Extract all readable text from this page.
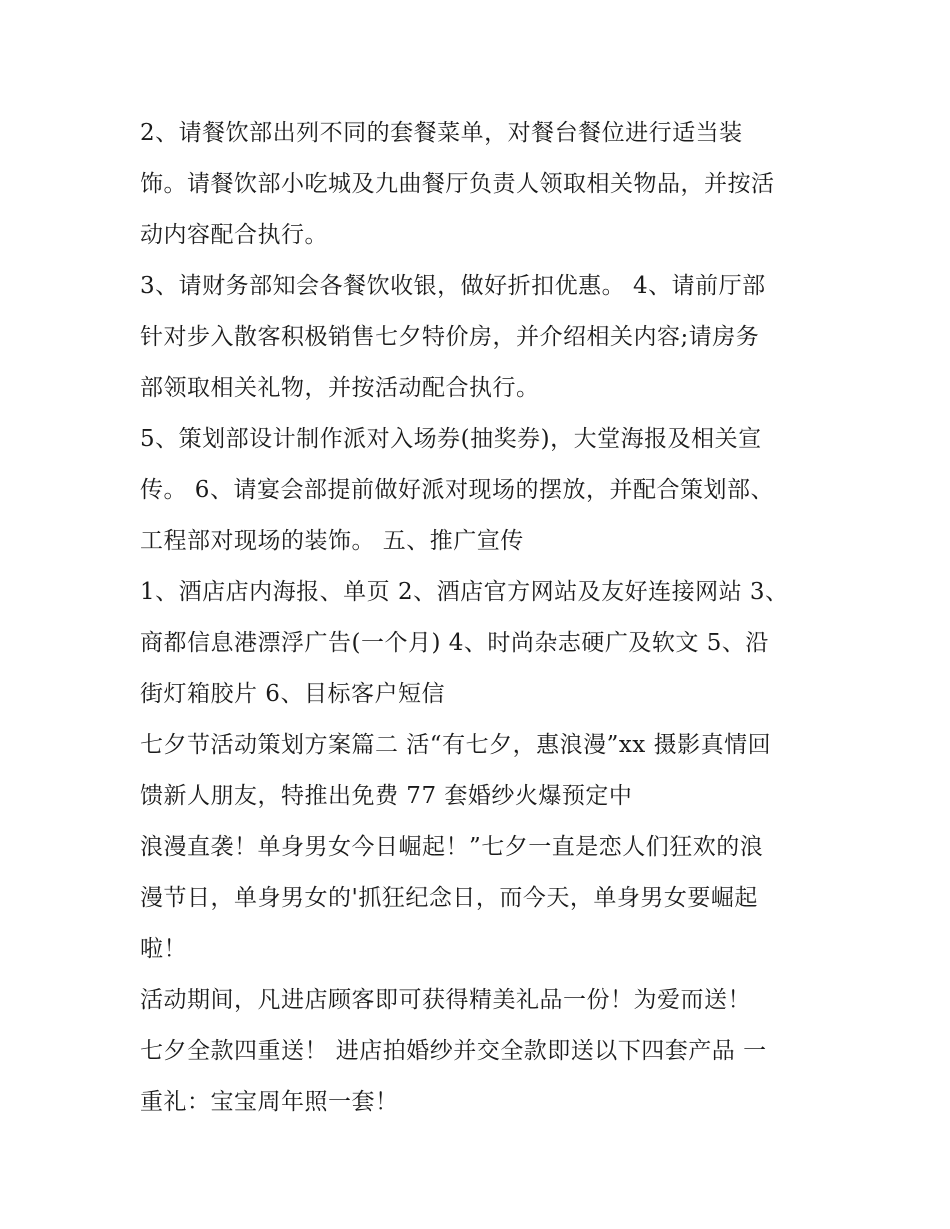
2、请餐饮部出列不同的套餐菜单，对餐台餐位进行适当装
饰。请餐饮部小吃城及九曲餐厅负责人领取相关物品，并按活
动内容配合执行。
3、请财务部知会各餐饮收银，做好折扣优惠。 4、请前厅部
针对步入散客积极销售七夕特价房，并介绍相关内容;请房务
部领取相关礼物，并按活动配合执行。
5、策划部设计制作派对入场券(抽奖券)，大堂海报及相关宣
传。 6、请宴会部提前做好派对现场的摆放，并配合策划部、
工程部对现场的装饰。 五、推广宣传
1、酒店店内海报、单页 2、酒店官方网站及友好连接网站 3、
商都信息港漂浮广告(一个月) 4、时尚杂志硬广及软文 5、沿
街灯箱胶片 6、目标客户短信
七夕节活动策划方案篇二 活“有七夕，惠浪漫”xx 摄影真情回
馈新人朋友，特推出免费 77 套婚纱火爆预定中
浪漫直袭！单身男女今日崛起！”七夕一直是恋人们狂欢的浪
漫节日，单身男女的'抓狂纪念日，而今天，单身男女要崛起
啦！
活动期间，凡进店顾客即可获得精美礼品一份！为爱而送！
七夕全款四重送！ 进店拍婚纱并交全款即送以下四套产品 一
重礼：宝宝周年照一套！
